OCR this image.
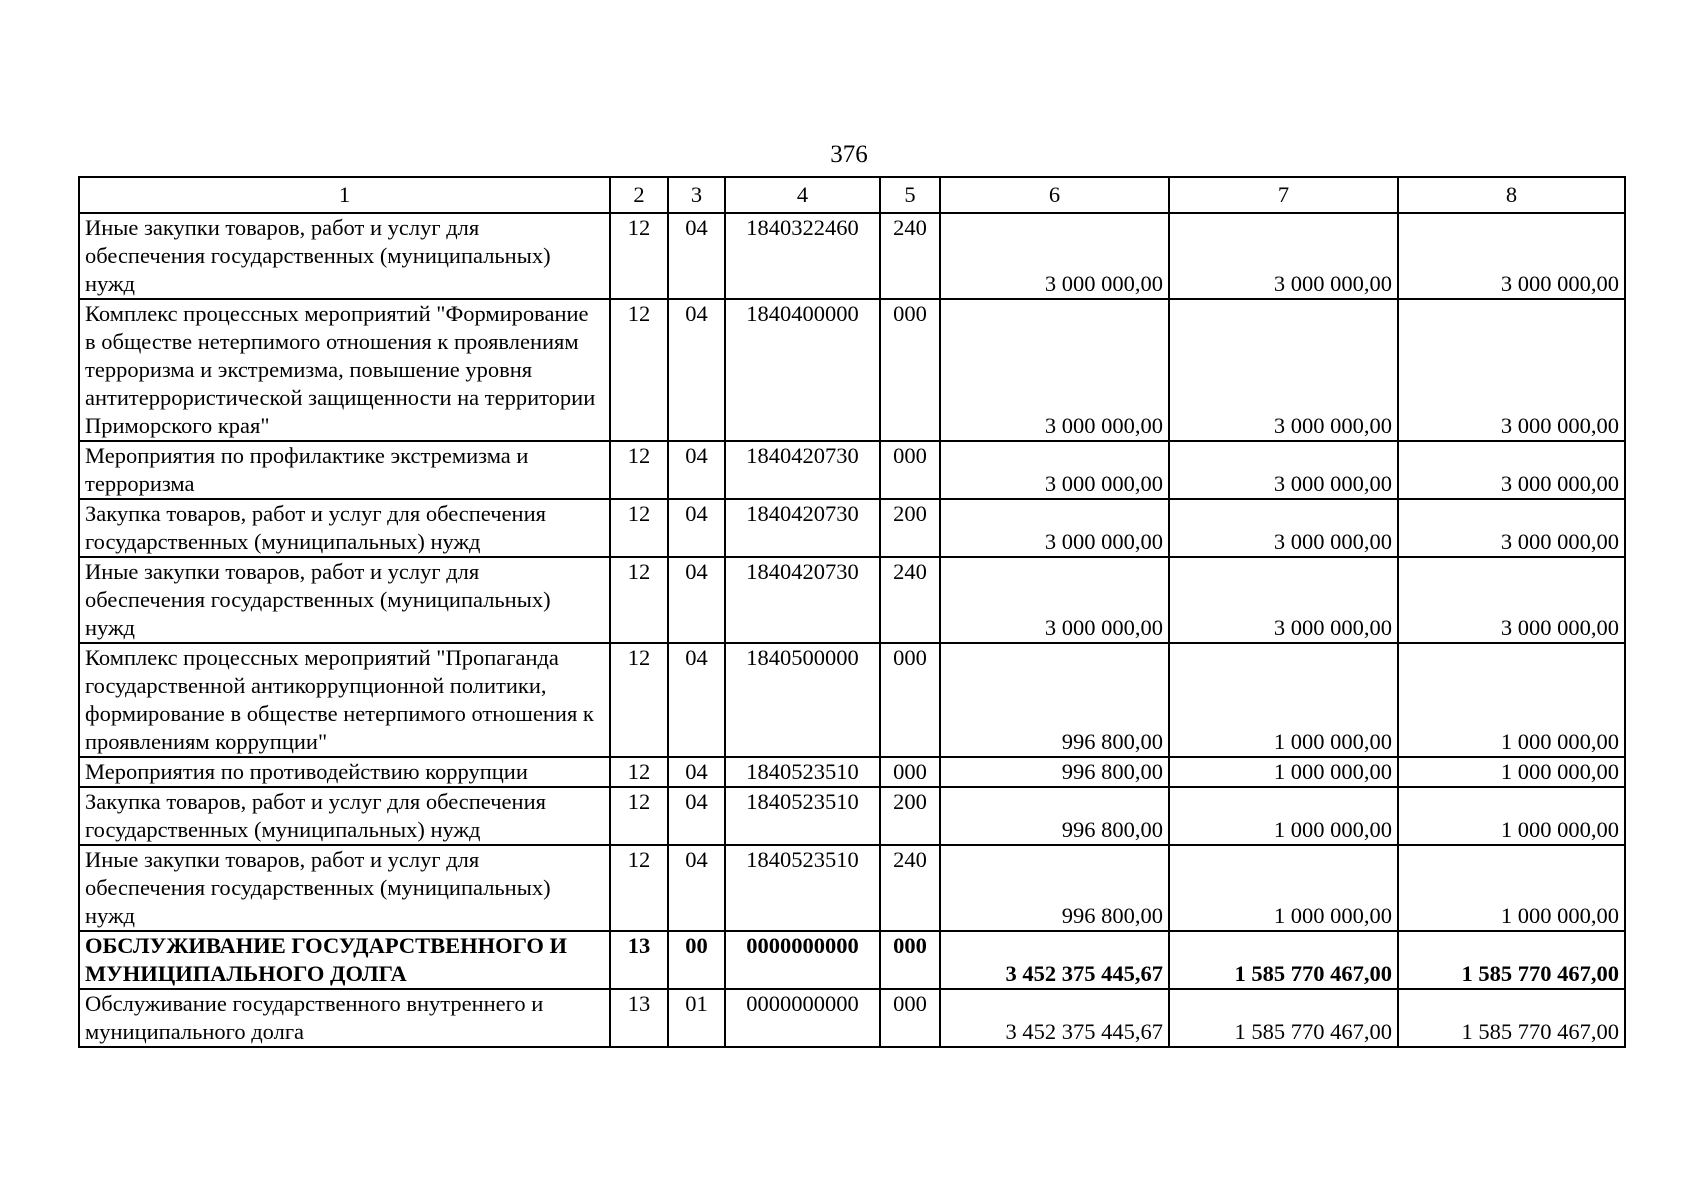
376
1	2	3	4	5	6	7	8
Иные закупки товаров, работ и услуг для обеспечения государственных (муниципальных) нужд	12	04	1840322460	240	3 000 000,00	3 000 000,00	3 000 000,00
Комплекс процессных мероприятий "Формирование в обществе нетерпимого отношения к проявлениям терроризма и экстремизма, повышение уровня антитеррористической защищенности на территории Приморского края"	12	04	1840400000	000	3 000 000,00	3 000 000,00	3 000 000,00
Мероприятия по профилактике экстремизма и терроризма	12	04	1840420730	000	3 000 000,00	3 000 000,00	3 000 000,00
Закупка товаров, работ и услуг для обеспечения государственных (муниципальных) нужд	12	04	1840420730	200	3 000 000,00	3 000 000,00	3 000 000,00
Иные закупки товаров, работ и услуг для обеспечения государственных (муниципальных) нужд	12	04	1840420730	240	3 000 000,00	3 000 000,00	3 000 000,00
Комплекс процессных мероприятий "Пропаганда государственной антикоррупционной политики, формирование в обществе нетерпимого отношения к проявлениям коррупции"	12	04	1840500000	000	996 800,00	1 000 000,00	1 000 000,00
Мероприятия по противодействию коррупции	12	04	1840523510	000	996 800,00	1 000 000,00	1 000 000,00
Закупка товаров, работ и услуг для обеспечения государственных (муниципальных) нужд	12	04	1840523510	200	996 800,00	1 000 000,00	1 000 000,00
Иные закупки товаров, работ и услуг для обеспечения государственных (муниципальных) нужд	12	04	1840523510	240	996 800,00	1 000 000,00	1 000 000,00
ОБСЛУЖИВАНИЕ ГОСУДАРСТВЕННОГО И МУНИЦИПАЛЬНОГО ДОЛГА	13	00	0000000000	000	3 452 375 445,67	1 585 770 467,00	1 585 770 467,00
Обслуживание государственного внутреннего и муниципального долга	13	01	0000000000	000	3 452 375 445,67	1 585 770 467,00	1 585 770 467,00
